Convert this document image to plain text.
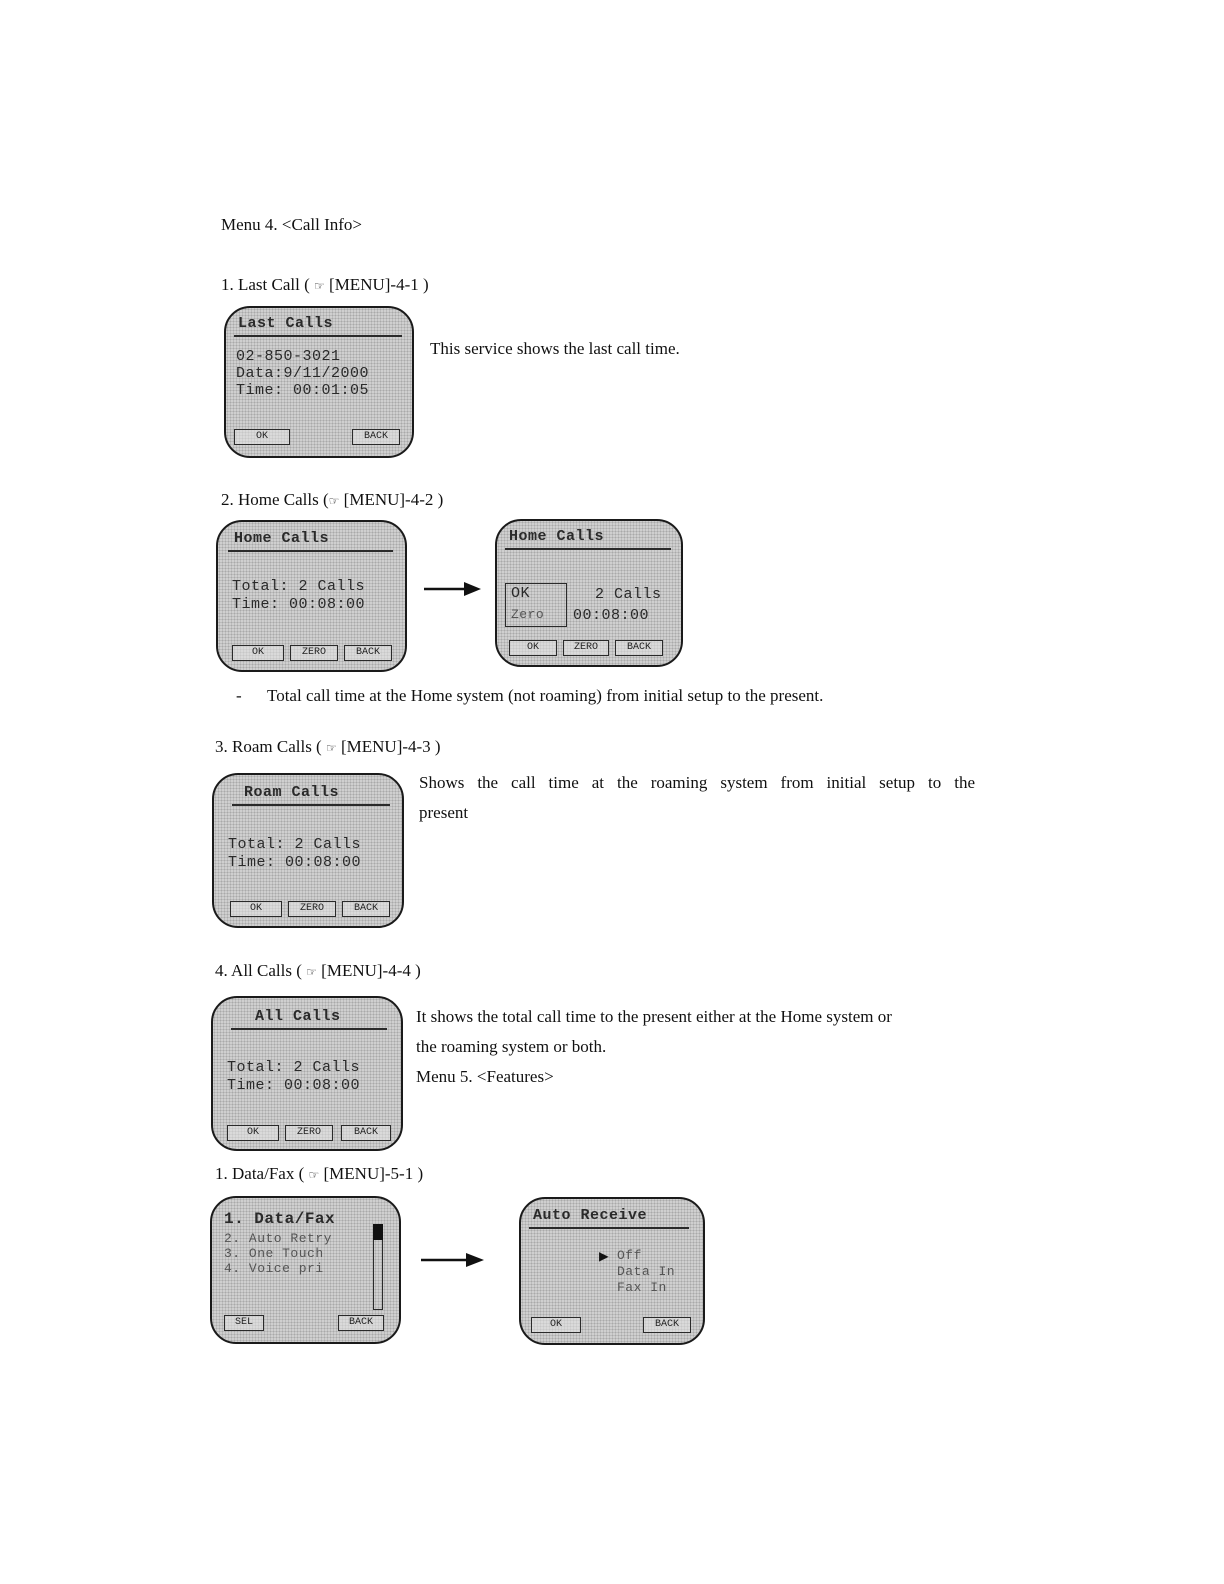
Menu 4. <Call Info>
1. Last Call ( ☞ [MENU]-4-1 )
Last Calls
02-850-3021
Data:9/11/2000
Time: 00:01:05
OK	BACK
This service shows the last call time.
2. Home Calls (☞ [MENU]-4-2 )
Home Calls
Total: 2 Calls
Time: 00:08:00
OK	ZERO	BACK
Home Calls
OK
Zero
2 Calls
00:08:00
OK	ZERO	BACK
- Total call time at the Home system (not roaming) from initial setup to the present.
3. Roam Calls ( ☞ [MENU]-4-3 )
Roam Calls
Total: 2 Calls
Time: 00:08:00
OK	ZERO	BACK
Shows the call time at the roaming system from initial setup to the
present
4. All Calls ( ☞ [MENU]-4-4 )
All Calls
Total: 2 Calls
Time: 00:08:00
OK	ZERO	BACK
It shows the total call time to the present either at the Home system or
the roaming system or both.
Menu 5. <Features>
1. Data/Fax ( ☞ [MENU]-5-1 )
1. Data/Fax
2. Auto Retry
3. One Touch
4. Voice pri
SEL	BACK
Auto Receive
▶ Off
Data In
Fax In
OK	BACK
